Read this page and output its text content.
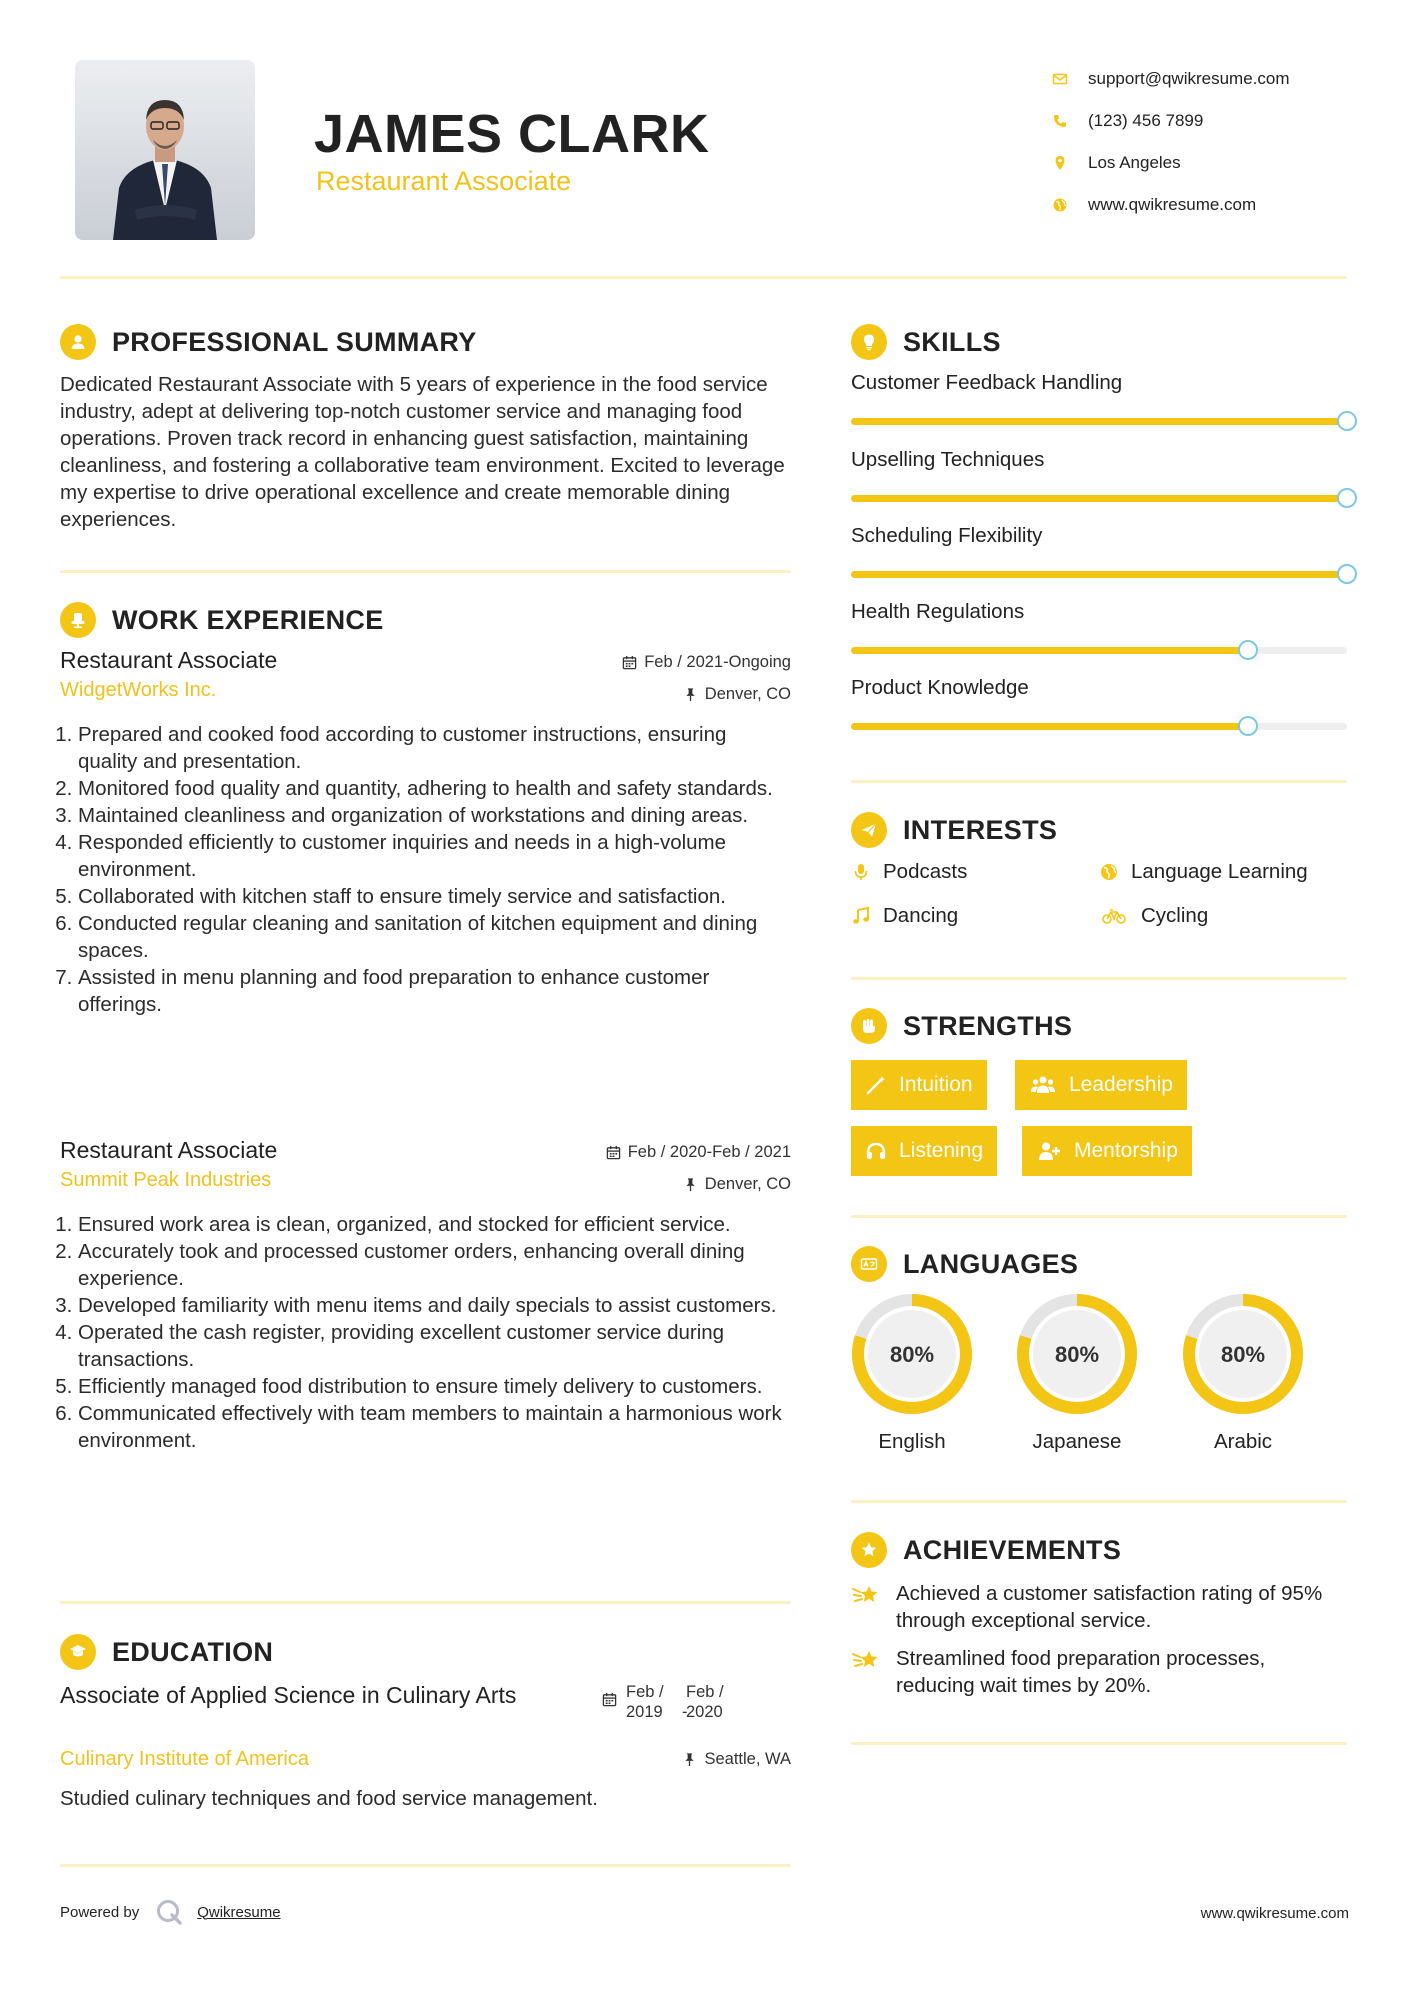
JAMES CLARK
Restaurant Associate
support@qwikresume.com
(123) 456 7899
Los Angeles
www.qwikresume.com
PROFESSIONAL SUMMARY
Dedicated Restaurant Associate with 5 years of experience in the food service industry, adept at delivering top-notch customer service and managing food operations. Proven track record in enhancing guest satisfaction, maintaining cleanliness, and fostering a collaborative team environment. Excited to leverage my expertise to drive operational excellence and create memorable dining experiences.
WORK EXPERIENCE
Restaurant Associate	Feb / 2021-Ongoing
WidgetWorks Inc.	Denver, CO
1. Prepared and cooked food according to customer instructions, ensuring quality and presentation.
2. Monitored food quality and quantity, adhering to health and safety standards.
3. Maintained cleanliness and organization of workstations and dining areas.
4. Responded efficiently to customer inquiries and needs in a high-volume environment.
5. Collaborated with kitchen staff to ensure timely service and satisfaction.
6. Conducted regular cleaning and sanitation of kitchen equipment and dining spaces.
7. Assisted in menu planning and food preparation to enhance customer offerings.
Restaurant Associate	Feb / 2020-Feb / 2021
Summit Peak Industries	Denver, CO
1. Ensured work area is clean, organized, and stocked for efficient service.
2. Accurately took and processed customer orders, enhancing overall dining experience.
3. Developed familiarity with menu items and daily specials to assist customers.
4. Operated the cash register, providing excellent customer service during transactions.
5. Efficiently managed food distribution to ensure timely delivery to customers.
6. Communicated effectively with team members to maintain a harmonious work environment.
EDUCATION
Associate of Applied Science in Culinary Arts	Feb /
2019	-
Feb /
2020
Culinary Institute of America	Seattle, WA
Studied culinary techniques and food service management.
SKILLS
Customer Feedback Handling
Upselling Techniques
Scheduling Flexibility
Health Regulations
Product Knowledge
INTERESTS
Podcasts	Language Learning
Dancing	Cycling
STRENGTHS
Intuition	Leadership
Listening	Mentorship
LANGUAGES
80%
English
80%
Japanese
80%
Arabic
ACHIEVEMENTS
Achieved a customer satisfaction rating of 95% through exceptional service.
Streamlined food preparation processes, reducing wait times by 20%.
Powered by	Qwikresume	www.qwikresume.com
